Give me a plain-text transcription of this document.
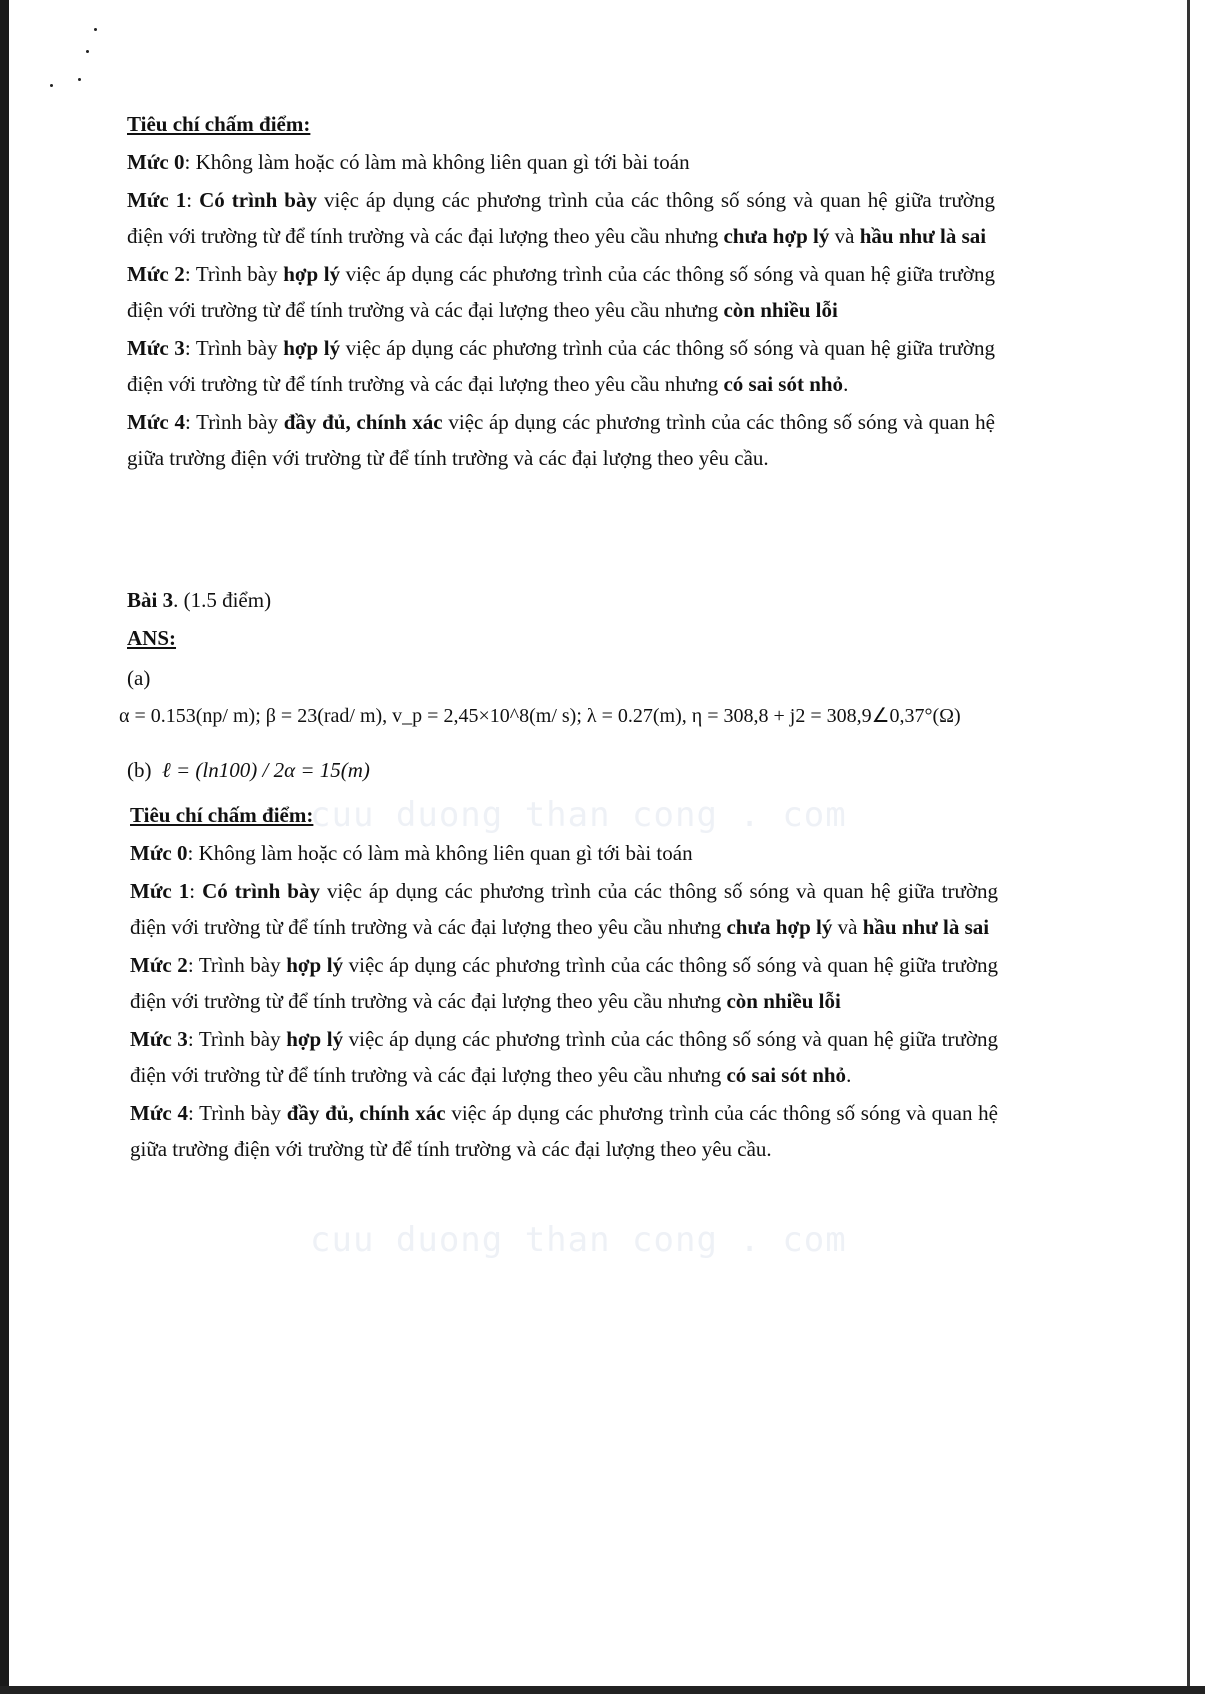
cuu duong than cong . com
cuu duong than cong . com

Tiêu chí chấm điểm:

Mức 0: Không làm hoặc có làm mà không liên quan gì tới bài toán

Mức 1: Có trình bày việc áp dụng các phương trình của các thông số sóng và quan hệ giữa trường điện với trường từ để tính trường và các đại lượng theo yêu cầu nhưng chưa hợp lý và hầu như là sai

Mức 2: Trình bày hợp lý việc áp dụng các phương trình của các thông số sóng và quan hệ giữa trường điện với trường từ để tính trường và các đại lượng theo yêu cầu nhưng còn nhiều lỗi

Mức 3: Trình bày hợp lý việc áp dụng các phương trình của các thông số sóng và quan hệ giữa trường điện với trường từ để tính trường và các đại lượng theo yêu cầu nhưng có sai sót nhỏ.

Mức 4: Trình bày đầy đủ, chính xác việc áp dụng các phương trình của các thông số sóng và quan hệ giữa trường điện với trường từ để tính trường và các đại lượng theo yêu cầu.

Bài 3. (1.5 điểm)

ANS:

(a)

α = 0.153(np/ m); β = 23(rad/ m), v_p = 2,45×10^8(m/ s); λ = 0.27(m), η = 308,8 + j2 = 308,9∠0,37°(Ω)

(b) ℓ = (ln100) / 2α = 15(m)

Tiêu chí chấm điểm:

Mức 0: Không làm hoặc có làm mà không liên quan gì tới bài toán

Mức 1: Có trình bày việc áp dụng các phương trình của các thông số sóng và quan hệ giữa trường điện với trường từ để tính trường và các đại lượng theo yêu cầu nhưng chưa hợp lý và hầu như là sai

Mức 2: Trình bày hợp lý việc áp dụng các phương trình của các thông số sóng và quan hệ giữa trường điện với trường từ để tính trường và các đại lượng theo yêu cầu nhưng còn nhiều lỗi

Mức 3: Trình bày hợp lý việc áp dụng các phương trình của các thông số sóng và quan hệ giữa trường điện với trường từ để tính trường và các đại lượng theo yêu cầu nhưng có sai sót nhỏ.

Mức 4: Trình bày đầy đủ, chính xác việc áp dụng các phương trình của các thông số sóng và quan hệ giữa trường điện với trường từ để tính trường và các đại lượng theo yêu cầu.
